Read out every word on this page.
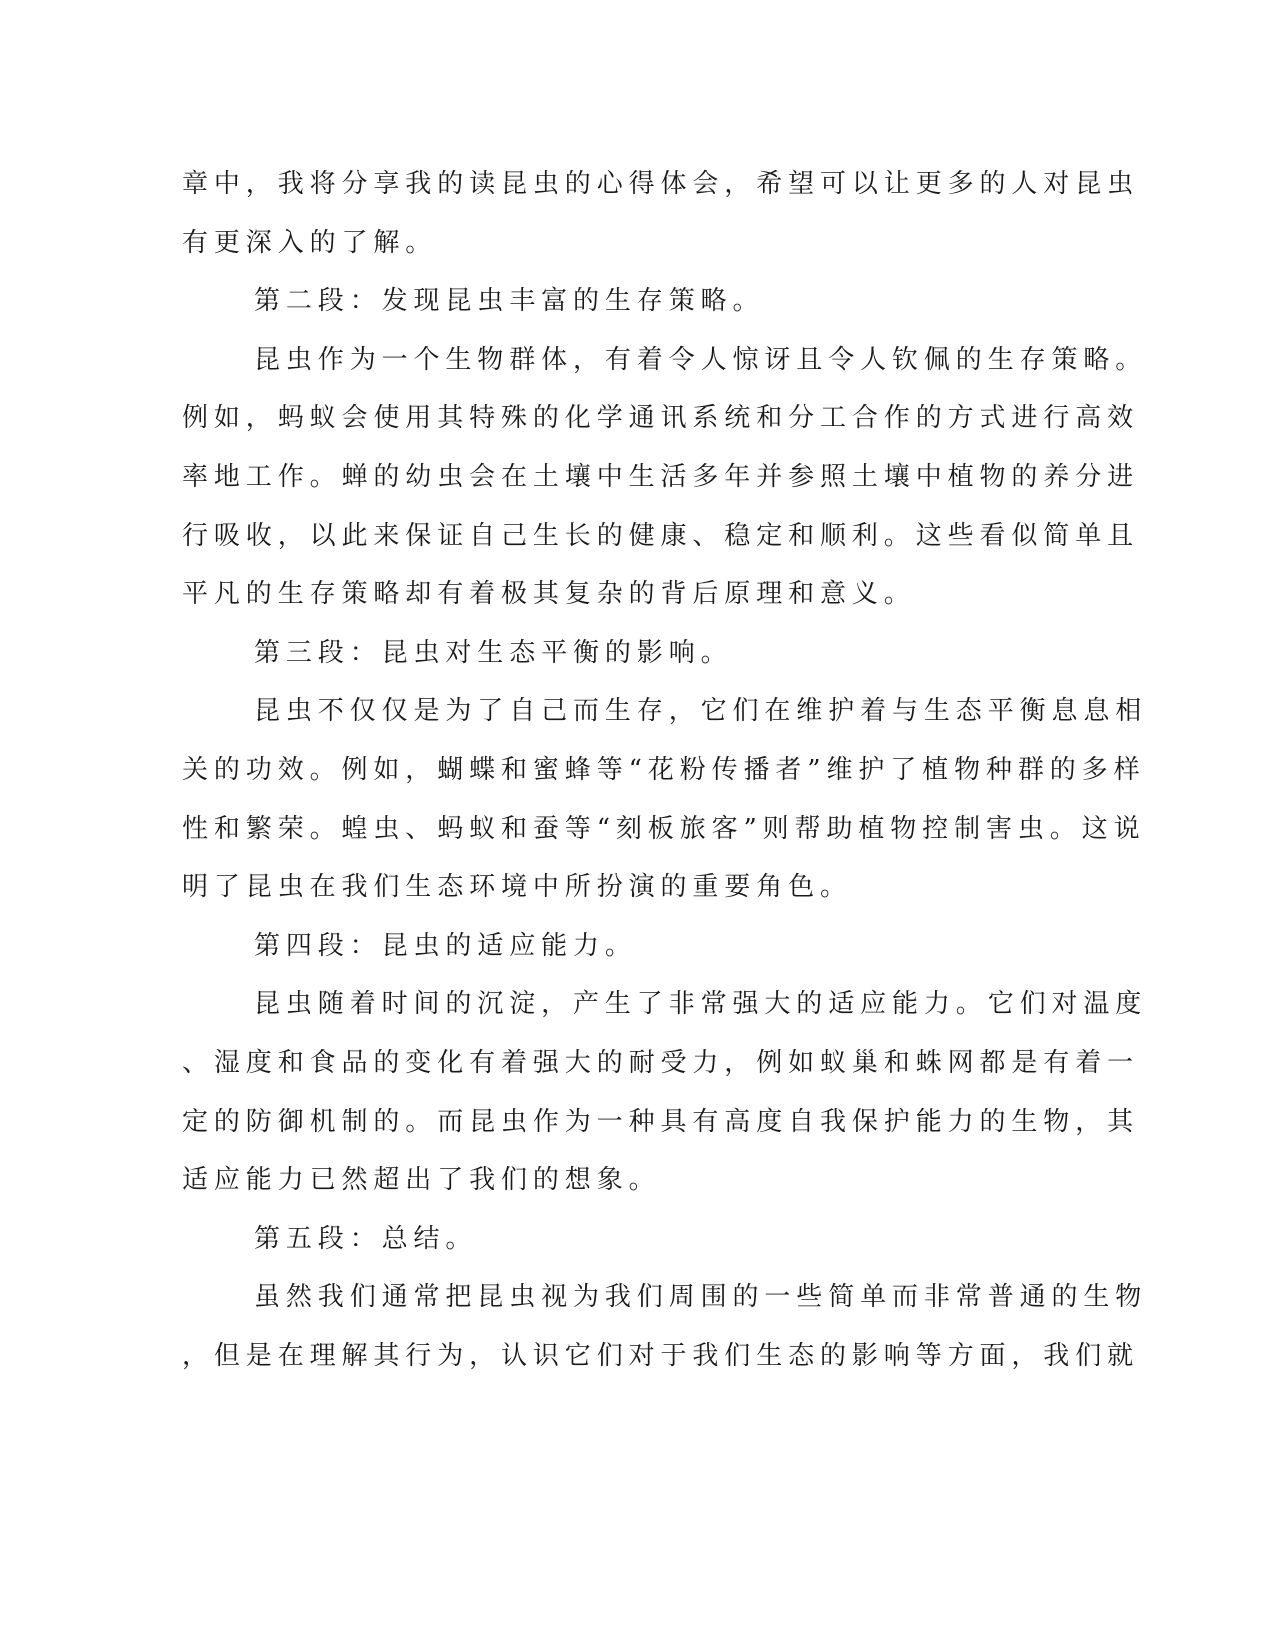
章中，我将分享我的读昆虫的心得体会，希望可以让更多的人对昆虫
有更深入的了解。
第二段：发现昆虫丰富的生存策略。
昆虫作为一个生物群体，有着令人惊讶且令人钦佩的生存策略。
例如，蚂蚁会使用其特殊的化学通讯系统和分工合作的方式进行高效
率地工作。蝉的幼虫会在土壤中生活多年并参照土壤中植物的养分进
行吸收，以此来保证自己生长的健康、稳定和顺利。这些看似简单且
平凡的生存策略却有着极其复杂的背后原理和意义。
第三段：昆虫对生态平衡的影响。
昆虫不仅仅是为了自己而生存，它们在维护着与生态平衡息息相
关的功效。例如，蝴蝶和蜜蜂等“花粉传播者”维护了植物种群的多样
性和繁荣。蝗虫、蚂蚁和蚕等“刻板旅客”则帮助植物控制害虫。这说
明了昆虫在我们生态环境中所扮演的重要角色。
第四段：昆虫的适应能力。
昆虫随着时间的沉淀，产生了非常强大的适应能力。它们对温度
、湿度和食品的变化有着强大的耐受力，例如蚁巢和蛛网都是有着一
定的防御机制的。而昆虫作为一种具有高度自我保护能力的生物，其
适应能力已然超出了我们的想象。
第五段：总结。
虽然我们通常把昆虫视为我们周围的一些简单而非常普通的生物
，但是在理解其行为，认识它们对于我们生态的影响等方面，我们就
